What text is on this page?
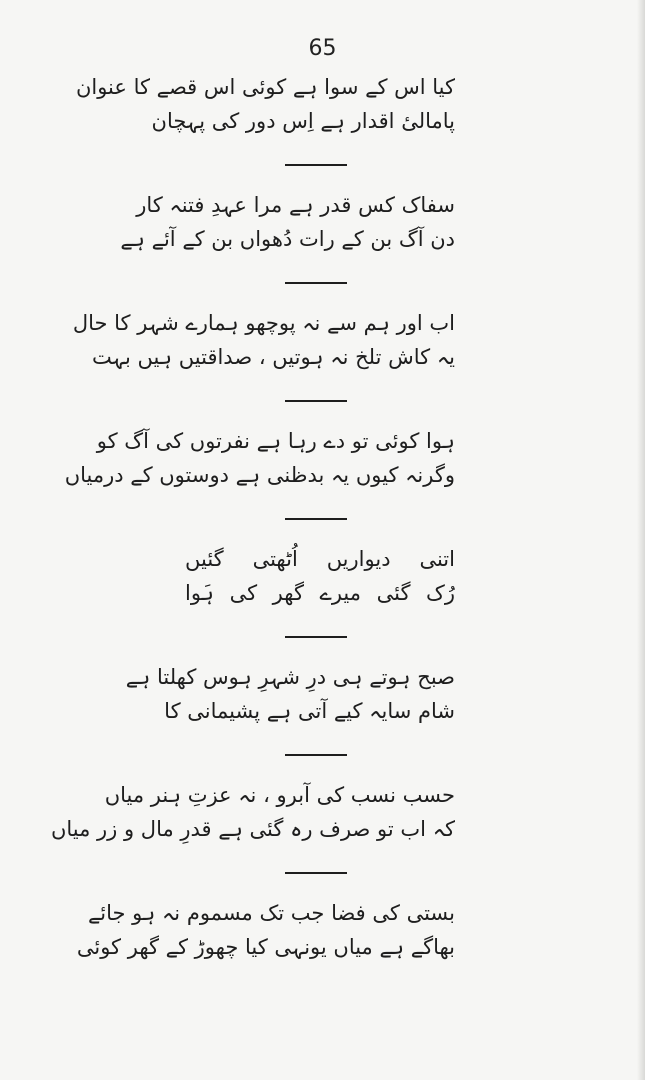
65
کیا اس کے سوا ہے کوئی اس قصے کا عنوان
پامالیٔ اقدار ہے اِس دور کی پہچان
سفاک کس قدر ہے مرا عہدِ فتنہ کار
دن آگ بن کے رات دُھواں بن کے آئے ہے
اب اور ہم سے نہ پوچھو ہمارے شہر کا حال
یہ کاش تلخ نہ ہوتیں ، صداقتیں ہیں بہت
ہوا کوئی تو دے رہا ہے نفرتوں کی آگ کو
وگرنہ کیوں یہ بدظنی ہے دوستوں کے درمیاں
اتنی دیواریں اُٹھتی گئیں
رُک گئی میرے گھر کی ہَوا
صبح ہوتے ہی درِ شہرِ ہوس کھلتا ہے
شام سایہ کیے آتی ہے پشیمانی کا
حسب نسب کی آبرو ، نہ عزتِ ہنر میاں
کہ اب تو صرف رہ گئی ہے قدرِ مال و زر میاں
بستی کی فضا جب تک مسموم نہ ہو جائے
بھاگے ہے میاں یونہی کیا چھوڑ کے گھر کوئی
